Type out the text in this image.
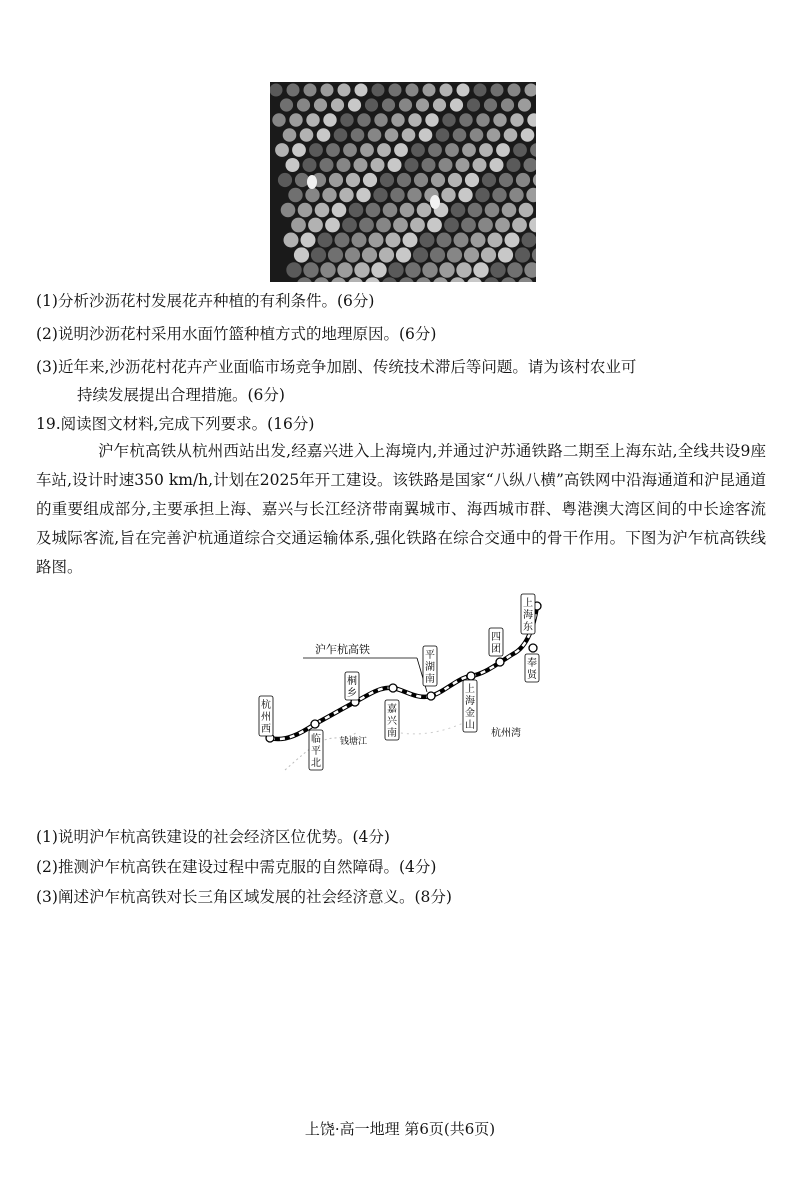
(1)分析沙沥花村发展花卉种植的有利条件。(6分)
(2)说明沙沥花村采用水面竹篮种植方式的地理原因。(6分)
(3)近年来,沙沥花村花卉产业面临市场竞争加剧、传统技术滞后等问题。请为该村农业可
持续发展提出合理措施。(6分)
19.阅读图文材料,完成下列要求。(16分)
沪乍杭高铁从杭州西站出发,经嘉兴进入上海境内,并通过沪苏通铁路二期至上海东站,全线共设9座车站,设计时速350 km/h,计划在2025年开工建设。该铁路是国家“八纵八横”高铁网中沿海通道和沪昆通道的重要组成部分,主要承担上海、嘉兴与长江经济带南翼城市、海西城市群、粤港澳大湾区间的中长途客流及城际客流,旨在完善沪杭通道综合交通运输体系,强化铁路在综合交通中的骨干作用。下图为沪乍杭高铁线路图。
沪乍杭高铁
杭州西
临平北
桐乡
嘉兴南
平湖南
上海金山
四团
奉贤
上海东
钱塘江
杭州湾
(1)说明沪乍杭高铁建设的社会经济区位优势。(4分)
(2)推测沪乍杭高铁在建设过程中需克服的自然障碍。(4分)
(3)阐述沪乍杭高铁对长三角区域发展的社会经济意义。(8分)
上饶·高一地理 第6页(共6页)
